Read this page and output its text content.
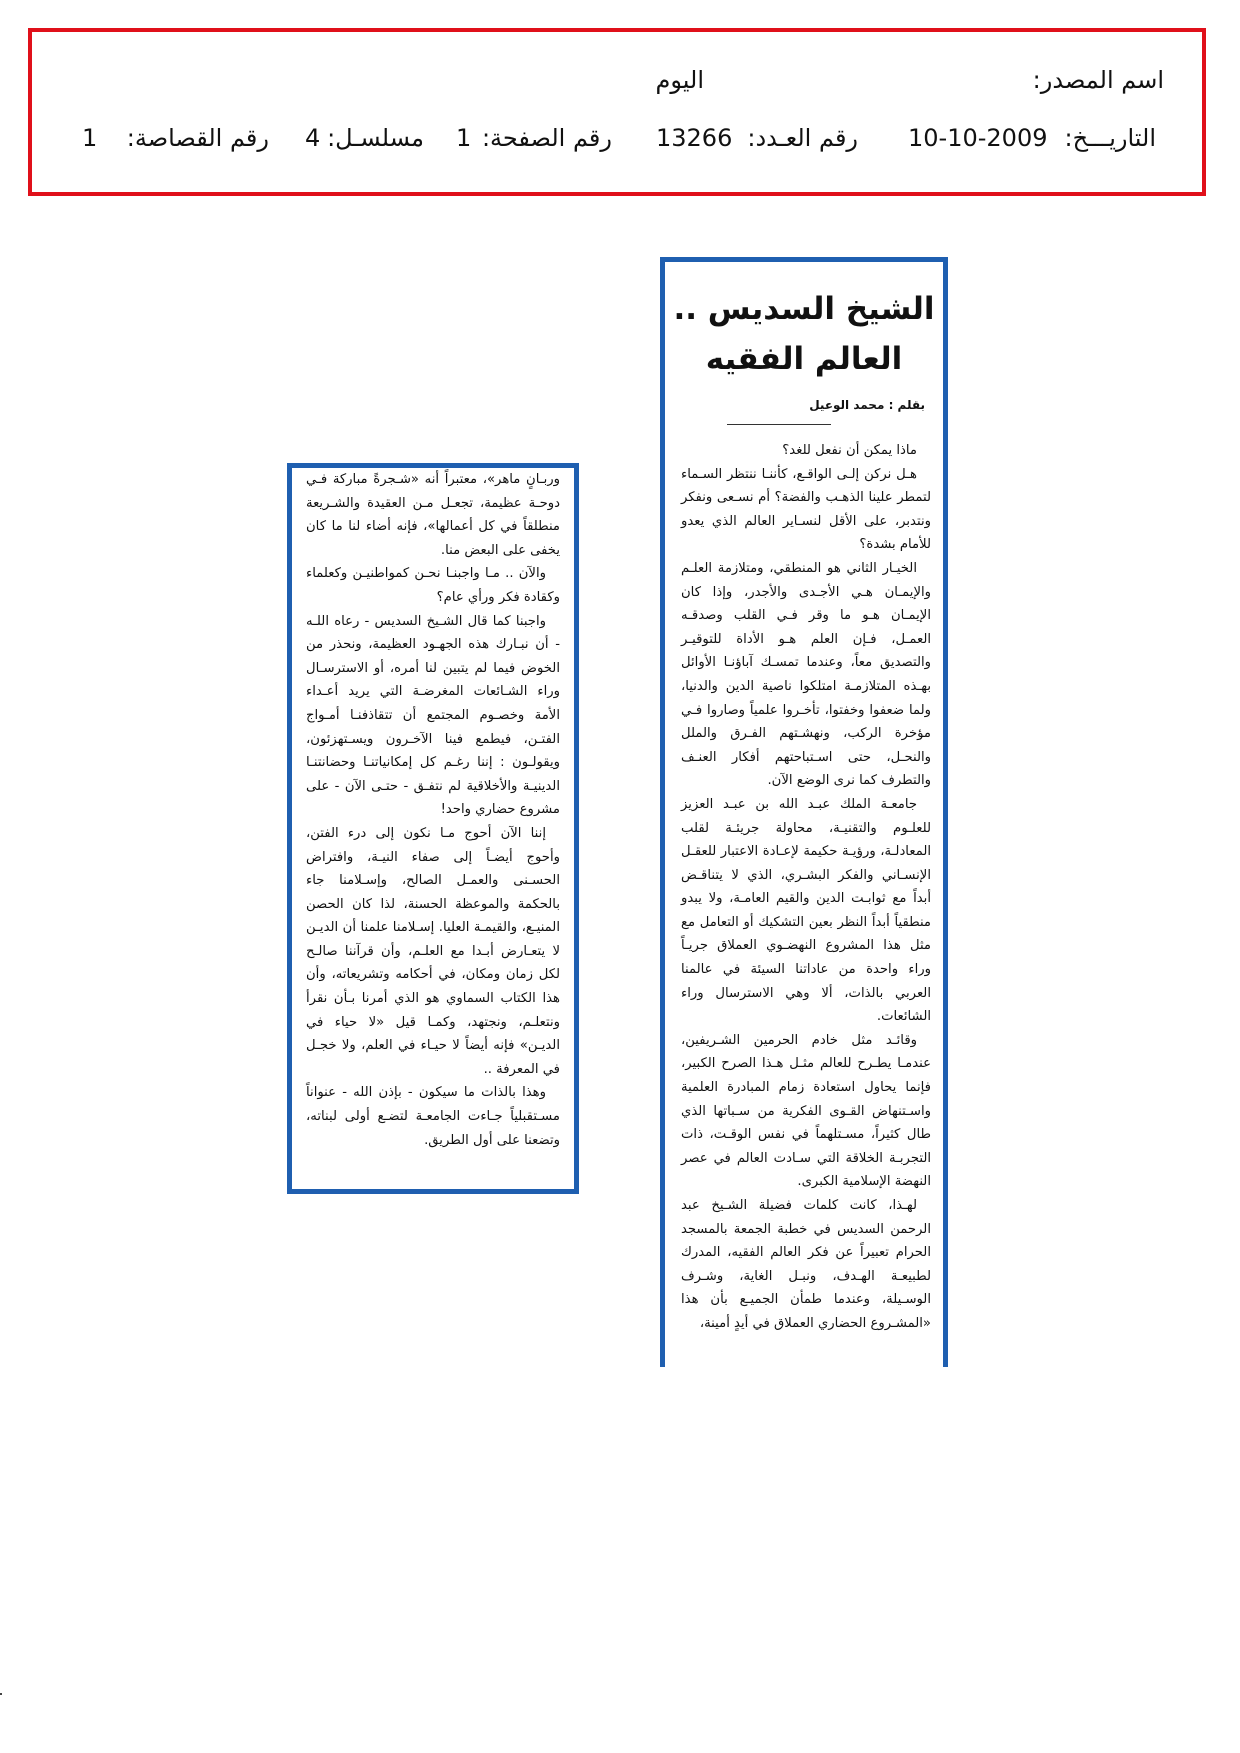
اسم المصدر:
اليوم
التاريـــخ:
10-10-2009
رقم العـدد:
13266
رقم الصفحة:
1
مسلسـل:
4
رقم القصاصة:
1
الشيخ السديس ..
العالم الفقيه
بقلم : محمد الوعيل

ماذا يمكن أن نفعل للغد؟

هـل نركن إلـى الواقـع، كأننـا ننتظر السـماء لتمطر علينا الذهـب والفضة؟ أم نسـعى ونفكر ونتدبر، على الأقل لنسـاير العالم الذي يعدو للأمام بشدة؟

الخيـار الثاني هو المنطقي، ومتلازمة العلـم والإيمـان هـي الأجـدى والأجدر، وإذا كان الإيمـان هـو ما وقر فـي القلب وصدقـه العمـل، فـإن العلم هـو الأداة للتوقيـر والتصديق معاً، وعندما تمسـك آباؤنـا الأوائل بهـذه المتلازمـة امتلكوا ناصية الدين والدنيا، ولما ضعفوا وخفتوا، تأخـروا علمياً وصاروا فـي مؤخرة الركب، ونهشـتهم الفـرق والملل والنحـل، حتى اسـتباحتهم أفكار العنـف والتطرف كما نرى الوضع الآن.

جامعـة الملك عبـد الله بن عبـد العزيز للعلـوم والتقنيـة، محاولة جريئـة لقلب المعادلـة، ورؤيـة حكيمة لإعـادة الاعتبار للعقـل الإنسـاني والفكر البشـري، الذي لا يتناقـض أبداً مع ثوابـت الدين والقيم العامـة، ولا يبدو منطقياً أبداً النظر بعين التشكيك أو التعامل مع مثل هذا المشروع النهضـوي العملاق جريـاً وراء واحدة من عاداتنا السيئة في عالمنا العربي بالذات، ألا وهي الاسترسال وراء الشائعات.

وقائـد مثل خادم الحرمين الشـريفين، عندمـا يطـرح للعالم مثـل هـذا الصرح الكبير، فإنما يحاول استعادة زمام المبادرة العلمية واسـتنهاض القـوى الفكرية من سـباتها الذي طال كثيراً، مسـتلهماً في نفس الوقـت، ذات التجربـة الخلاقة التي سـادت العالم في عصر النهضة الإسلامية الكبرى.

لهـذا، كانت كلمات فضيلة الشـيخ عبد الرحمن السديس في خطبة الجمعة بالمسجد الحرام تعبيراً عن فكر العالم الفقيه، المدرك لطبيعـة الهـدف، ونبـل الغاية، وشـرف الوسـيلة، وعندما طمأن الجميـع بأن هذا «المشـروع الحضاري العملاق في أيدٍ أمينة،

وربـانٍ ماهر»، معتبراً أنه «شـجرةً مباركة فـي دوحـة عظيمة، تجعـل مـن العقيدة والشـريعة منطلقاً في كل أعمالها»، فإنه أضاء لنا ما كان يخفى على البعض منا.

والآن .. مـا واجبنـا نحـن كمواطنيـن وكعلماء وكقادة فكر ورأي عام؟

واجبنا كما قال الشـيخ السديس - رعاه اللـه - أن نبـارك هذه الجهـود العظيمة، ونحذر من الخوض فيما لم يتبين لنا أمره، أو الاسترسـال وراء الشـائعات المغرضـة التي يريد أعـداء الأمة وخصـوم المجتمع أن تتقاذفنـا أمـواج الفتـن، فيطمع فينا الآخـرون ويسـتهزئون، ويقولـون : إننا رغـم كل إمكانياتنـا وحضانتنـا الدينيـة والأخلاقية لم نتفـق - حتـى الآن - على مشروع حضاري واحد!

إننا الآن أحوج مـا نكون إلى درء الفتن، وأحوج أيضـاً إلى صفاء النيـة، وافتراض الحسـنى والعمـل الصالح، وإسـلامنا جاء بالحكمة والموعظة الحسنة، لذا كان الحصن المنيـع، والقيمـة العليا. إسـلامنا علمنا أن الديـن لا يتعـارض أبـدا مع العلـم، وأن قرآننا صالـح لكل زمان ومكان، في أحكامه وتشريعاته، وأن هذا الكتاب السماوي هو الذي أمرنا بـأن نقرأ ونتعلـم، ونجتهد، وكمـا قيل «لا حياء في الديـن» فإنه أيضاً لا حيـاء في العلم، ولا خجـل في المعرفة ..

وهذا بالذات ما سيكون - بإذن الله - عنواناً مسـتقبلياً جـاءت الجامعـة لتضـع أولى لبناته، وتضعنا على أول الطريق.
